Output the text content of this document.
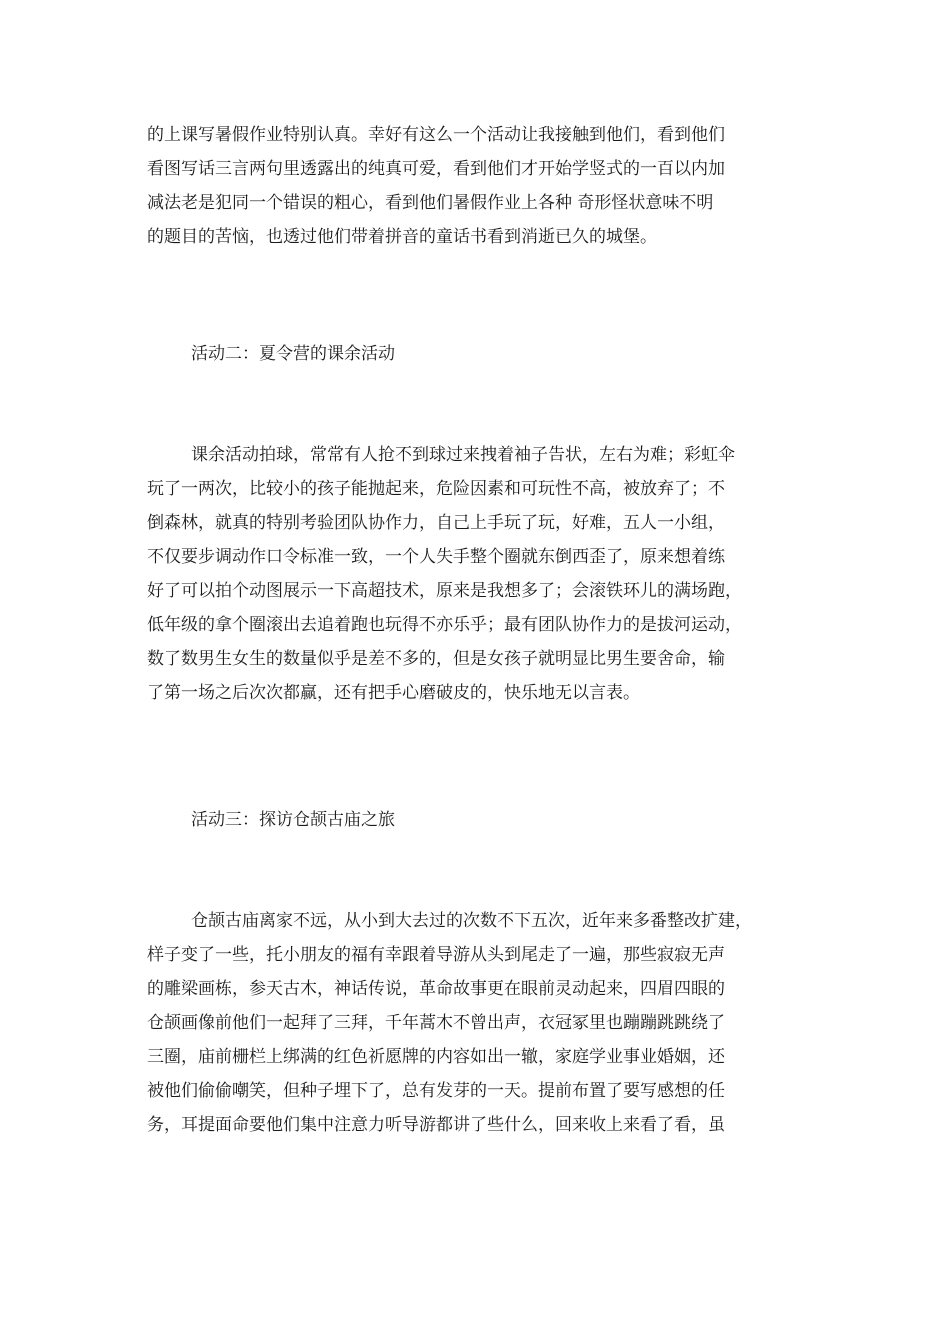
的上课写暑假作业特别认真。幸好有这么一个活动让我接触到他们，看到他们
看图写话三言两句里透露出的纯真可爱，看到他们才开始学竖式的一百以内加
减法老是犯同一个错误的粗心，看到他们暑假作业上各种 奇形怪状意味不明
的题目的苦恼，也透过他们带着拼音的童话书看到消逝已久的城堡。
活动二：夏令营的课余活动
课余活动拍球，常常有人抢不到球过来拽着袖子告状，左右为难；彩虹伞
玩了一两次，比较小的孩子能抛起来，危险因素和可玩性不高，被放弃了；不
倒森林，就真的特别考验团队协作力，自己上手玩了玩，好难，五人一小组，
不仅要步调动作口令标准一致，一个人失手整个圈就东倒西歪了，原来想着练
好了可以拍个动图展示一下高超技术，原来是我想多了；会滚铁环儿的满场跑，
低年级的拿个圈滚出去追着跑也玩得不亦乐乎；最有团队协作力的是拔河运动，
数了数男生女生的数量似乎是差不多的，但是女孩子就明显比男生要舍命，输
了第一场之后次次都赢，还有把手心磨破皮的，快乐地无以言表。
活动三：探访仓颉古庙之旅
仓颉古庙离家不远，从小到大去过的次数不下五次，近年来多番整改扩建，
样子变了一些，托小朋友的福有幸跟着导游从头到尾走了一遍，那些寂寂无声
的雕梁画栋，参天古木，神话传说，革命故事更在眼前灵动起来，四眉四眼的
仓颉画像前他们一起拜了三拜，千年蒿木不曾出声，衣冠冢里也蹦蹦跳跳绕了
三圈，庙前栅栏上绑满的红色祈愿牌的内容如出一辙，家庭学业事业婚姻，还
被他们偷偷嘲笑，但种子埋下了，总有发芽的一天。提前布置了要写感想的任
务，耳提面命要他们集中注意力听导游都讲了些什么，回来收上来看了看，虽
